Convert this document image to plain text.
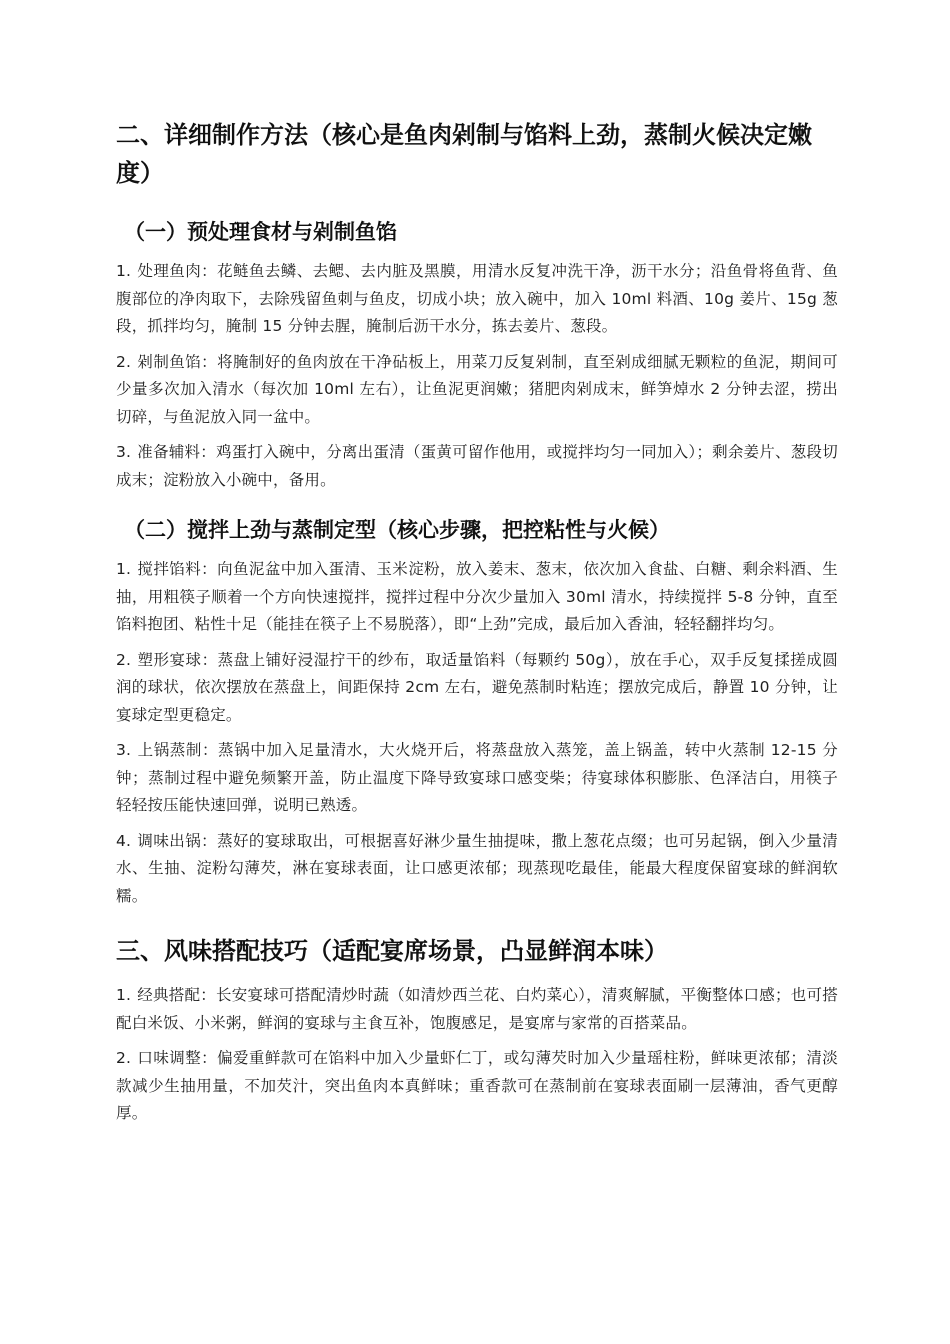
二、详细制作方法（核心是鱼肉剁制与馅料上劲，蒸制火候决定嫩度）
（一）预处理食材与剁制鱼馅

1. 处理鱼肉：花鲢鱼去鳞、去鳃、去内脏及黑膜，用清水反复冲洗干净，沥干水分；沿鱼骨将鱼背、鱼腹部位的净肉取下，去除残留鱼刺与鱼皮，切成小块；放入碗中，加入 10ml 料酒、10g 姜片、15g 葱段，抓拌均匀，腌制 15 分钟去腥，腌制后沥干水分，拣去姜片、葱段。

2. 剁制鱼馅：将腌制好的鱼肉放在干净砧板上，用菜刀反复剁制，直至剁成细腻无颗粒的鱼泥，期间可少量多次加入清水（每次加 10ml 左右），让鱼泥更润嫩；猪肥肉剁成末，鲜笋焯水 2 分钟去涩，捞出切碎，与鱼泥放入同一盆中。

3. 准备辅料：鸡蛋打入碗中，分离出蛋清（蛋黄可留作他用，或搅拌均匀一同加入）；剩余姜片、葱段切成末；淀粉放入小碗中，备用。

（二）搅拌上劲与蒸制定型（核心步骤，把控粘性与火候）

1. 搅拌馅料：向鱼泥盆中加入蛋清、玉米淀粉，放入姜末、葱末，依次加入食盐、白糖、剩余料酒、生抽，用粗筷子顺着一个方向快速搅拌，搅拌过程中分次少量加入 30ml 清水，持续搅拌 5-8 分钟，直至馅料抱团、粘性十足（能挂在筷子上不易脱落），即“上劲”完成，最后加入香油，轻轻翻拌均匀。

2. 塑形宴球：蒸盘上铺好浸湿拧干的纱布，取适量馅料（每颗约 50g），放在手心，双手反复揉搓成圆润的球状，依次摆放在蒸盘上，间距保持 2cm 左右，避免蒸制时粘连；摆放完成后，静置 10 分钟，让宴球定型更稳定。

3. 上锅蒸制：蒸锅中加入足量清水，大火烧开后，将蒸盘放入蒸笼，盖上锅盖，转中火蒸制 12-15 分钟；蒸制过程中避免频繁开盖，防止温度下降导致宴球口感变柴；待宴球体积膨胀、色泽洁白，用筷子轻轻按压能快速回弹，说明已熟透。

4. 调味出锅：蒸好的宴球取出，可根据喜好淋少量生抽提味，撒上葱花点缀；也可另起锅，倒入少量清水、生抽、淀粉勾薄芡，淋在宴球表面，让口感更浓郁；现蒸现吃最佳，能最大程度保留宴球的鲜润软糯。

三、风味搭配技巧（适配宴席场景，凸显鲜润本味）

1. 经典搭配：长安宴球可搭配清炒时蔬（如清炒西兰花、白灼菜心），清爽解腻，平衡整体口感；也可搭配白米饭、小米粥，鲜润的宴球与主食互补，饱腹感足，是宴席与家常的百搭菜品。

2. 口味调整：偏爱重鲜款可在馅料中加入少量虾仁丁，或勾薄芡时加入少量瑶柱粉，鲜味更浓郁；清淡款减少生抽用量，不加芡汁，突出鱼肉本真鲜味；重香款可在蒸制前在宴球表面刷一层薄油，香气更醇厚。
